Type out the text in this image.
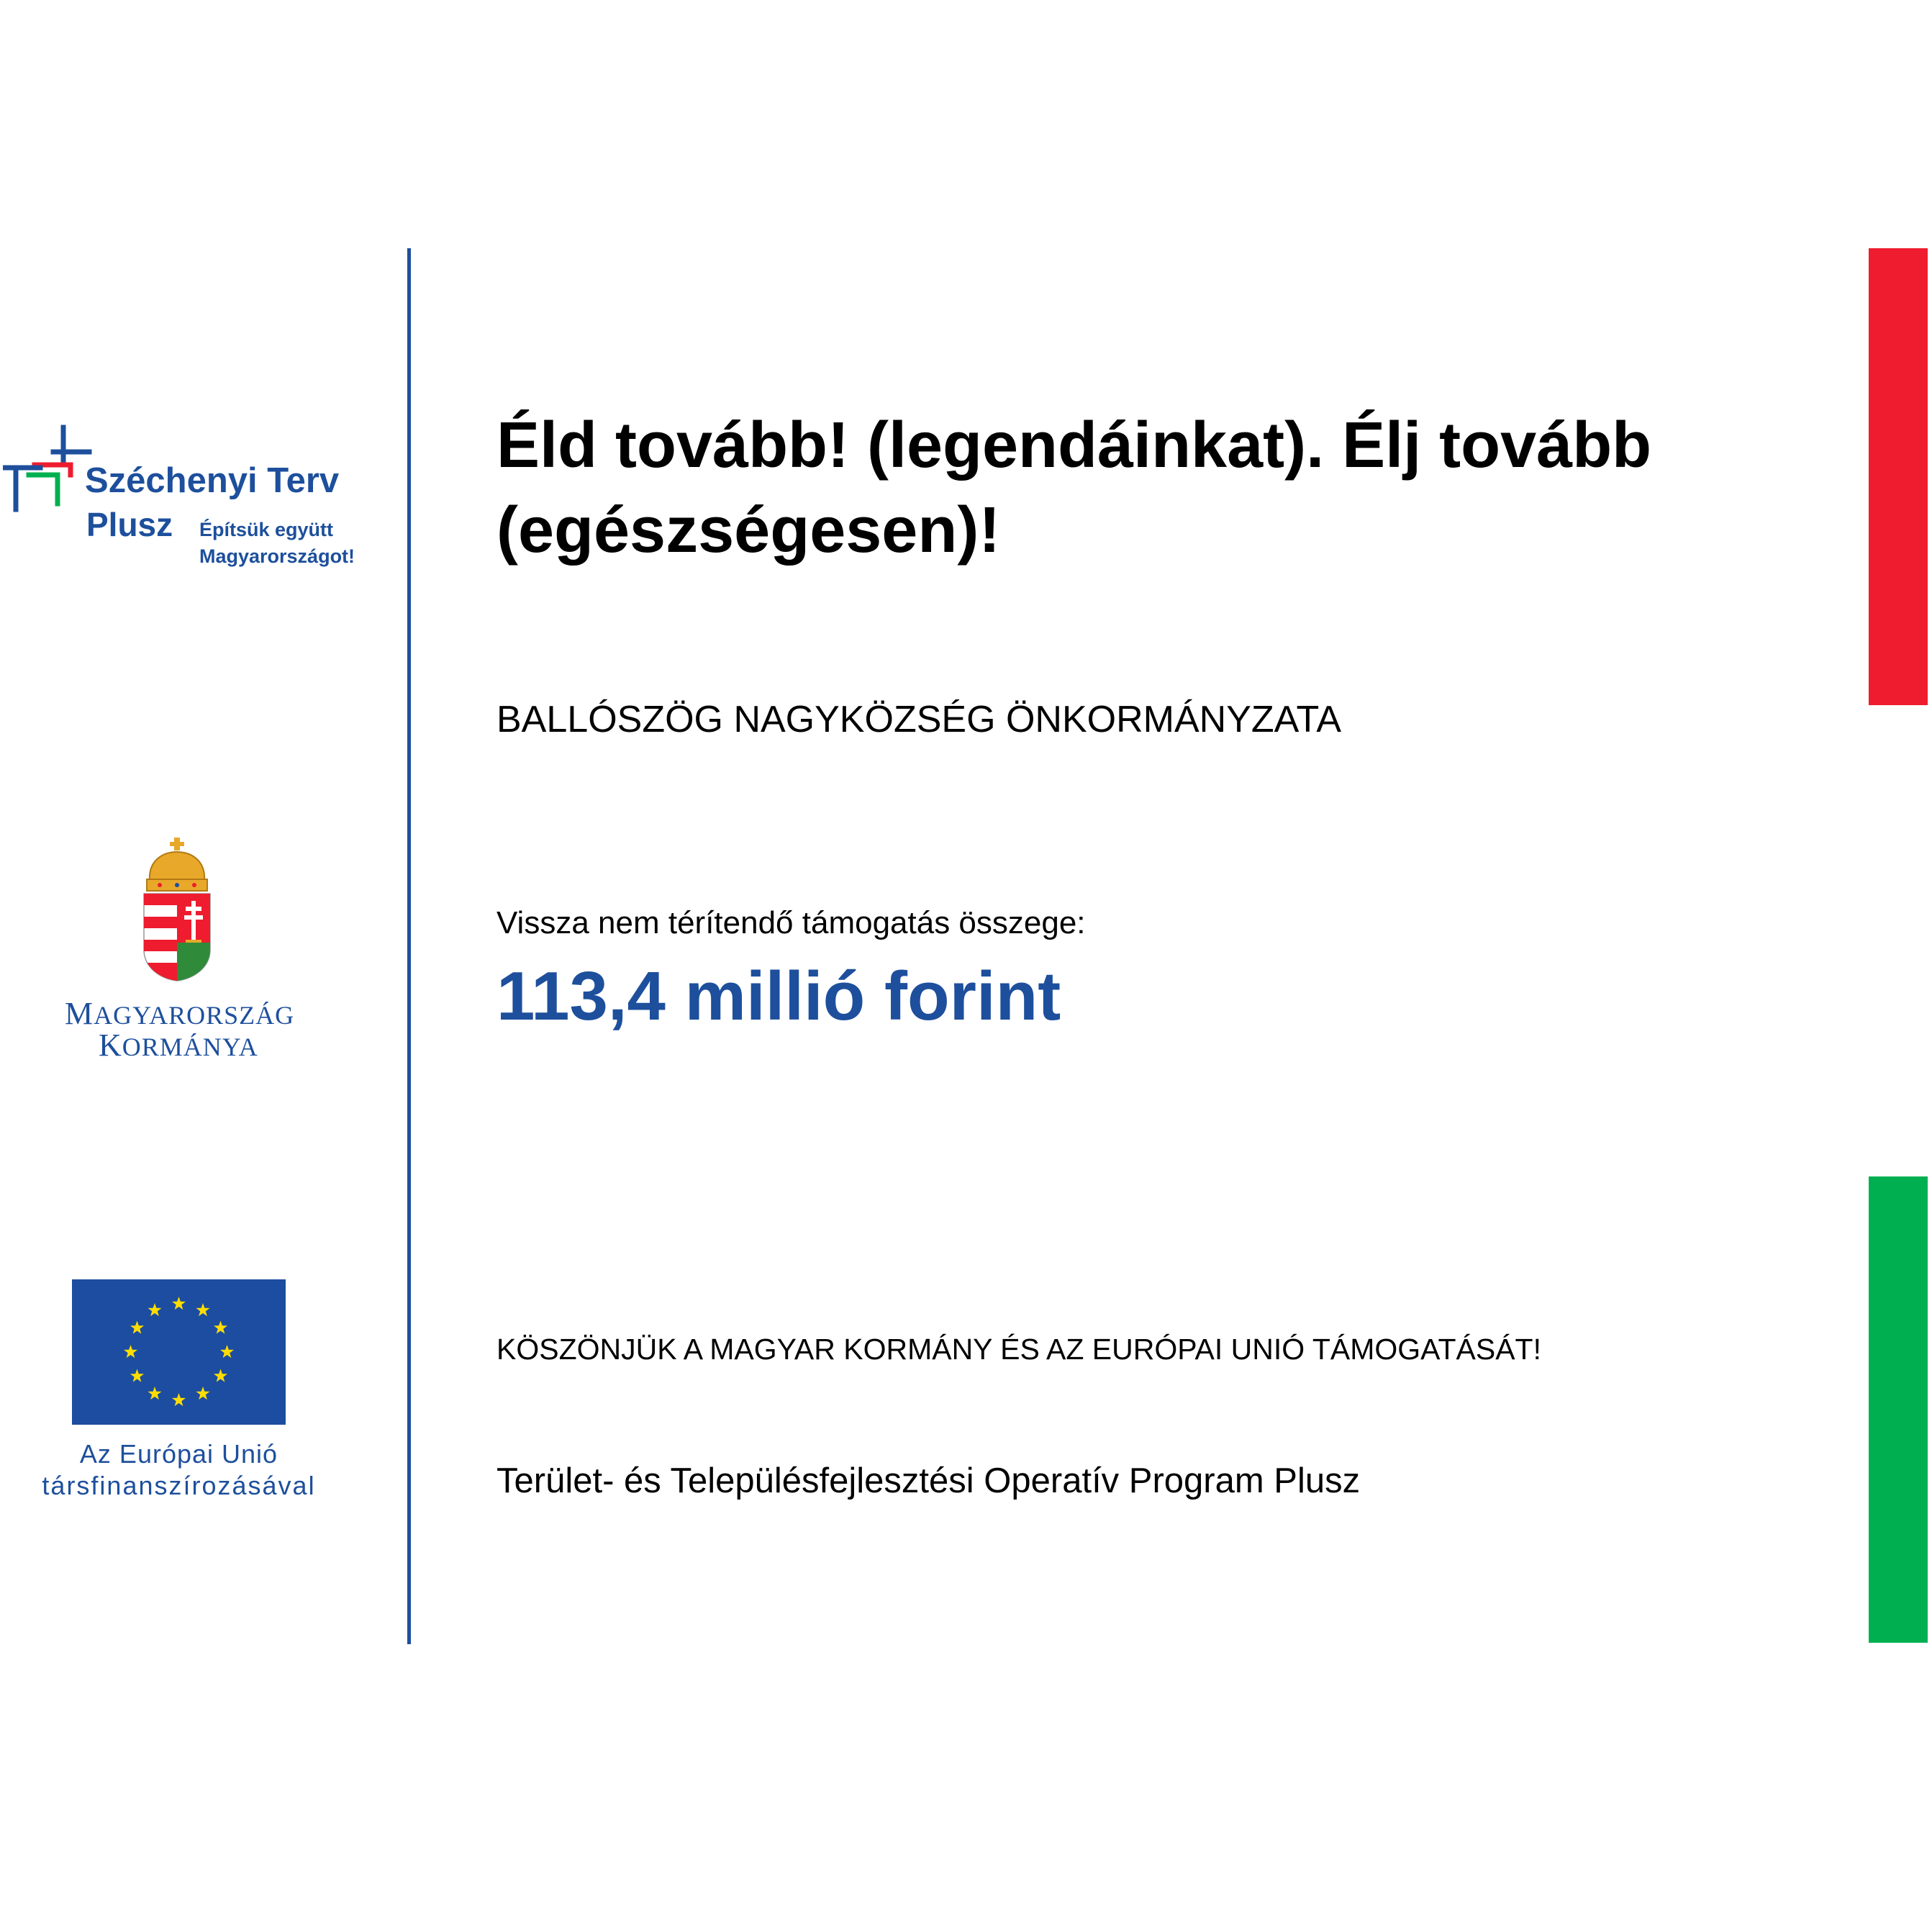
Széchenyi Terv
Plusz Építsük együtt
Magyarországot!
MAGYARORSZÁG
KORMÁNYA
Az Európai Unió
társfinanszírozásával
Éld tovább! (legendáinkat). Élj tovább (egészségesen)!
BALLÓSZÖG NAGYKÖZSÉG ÖNKORMÁNYZATA
Vissza nem térítendő támogatás összege:
113,4 millió forint
KÖSZÖNJÜK A MAGYAR KORMÁNY ÉS AZ EURÓPAI UNIÓ TÁMOGATÁSÁT!
Terület- és Településfejlesztési Operatív Program Plusz
